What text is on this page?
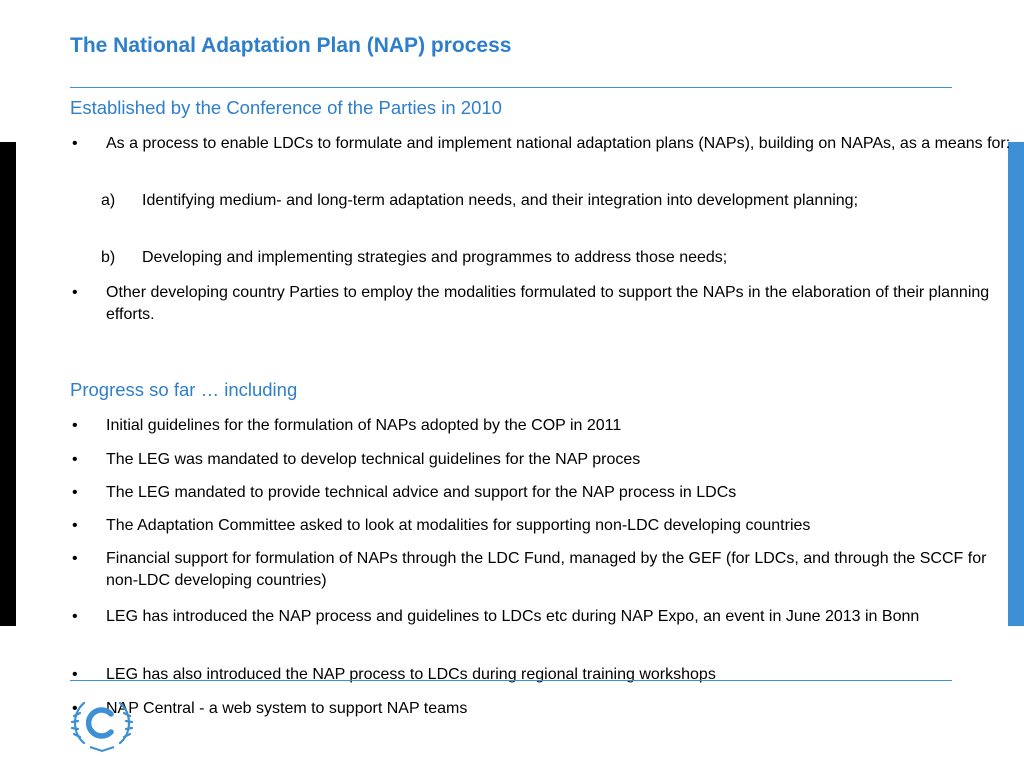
The National Adaptation Plan (NAP) process
Established by the Conference of the Parties in 2010
• As a process to enable LDCs to formulate and implement national adaptation plans (NAPs), building on NAPAs, as a means for:
a) Identifying medium- and long-term adaptation needs, and their integration into development planning;
b) Developing and implementing strategies and programmes to address those needs;
• Other developing country Parties to employ the modalities formulated to support the NAPs in the elaboration of their planning efforts.
Progress so far … including
• Initial guidelines for the formulation of NAPs adopted by the COP in 2011
• The LEG was mandated to develop technical guidelines for the NAP proces
• The LEG mandated to provide technical advice and support for the NAP process in LDCs
• The Adaptation Committee asked to look at modalities for supporting non-LDC developing countries
• Financial support for formulation of NAPs through the LDC Fund, managed by the GEF (for LDCs, and through the SCCF for non-LDC developing countries)
• LEG has introduced the NAP process and guidelines to LDCs etc during NAP Expo, an event in June 2013 in Bonn
• LEG has also introduced the NAP process to LDCs during regional training workshops
• NAP Central - a web system to support NAP teams
